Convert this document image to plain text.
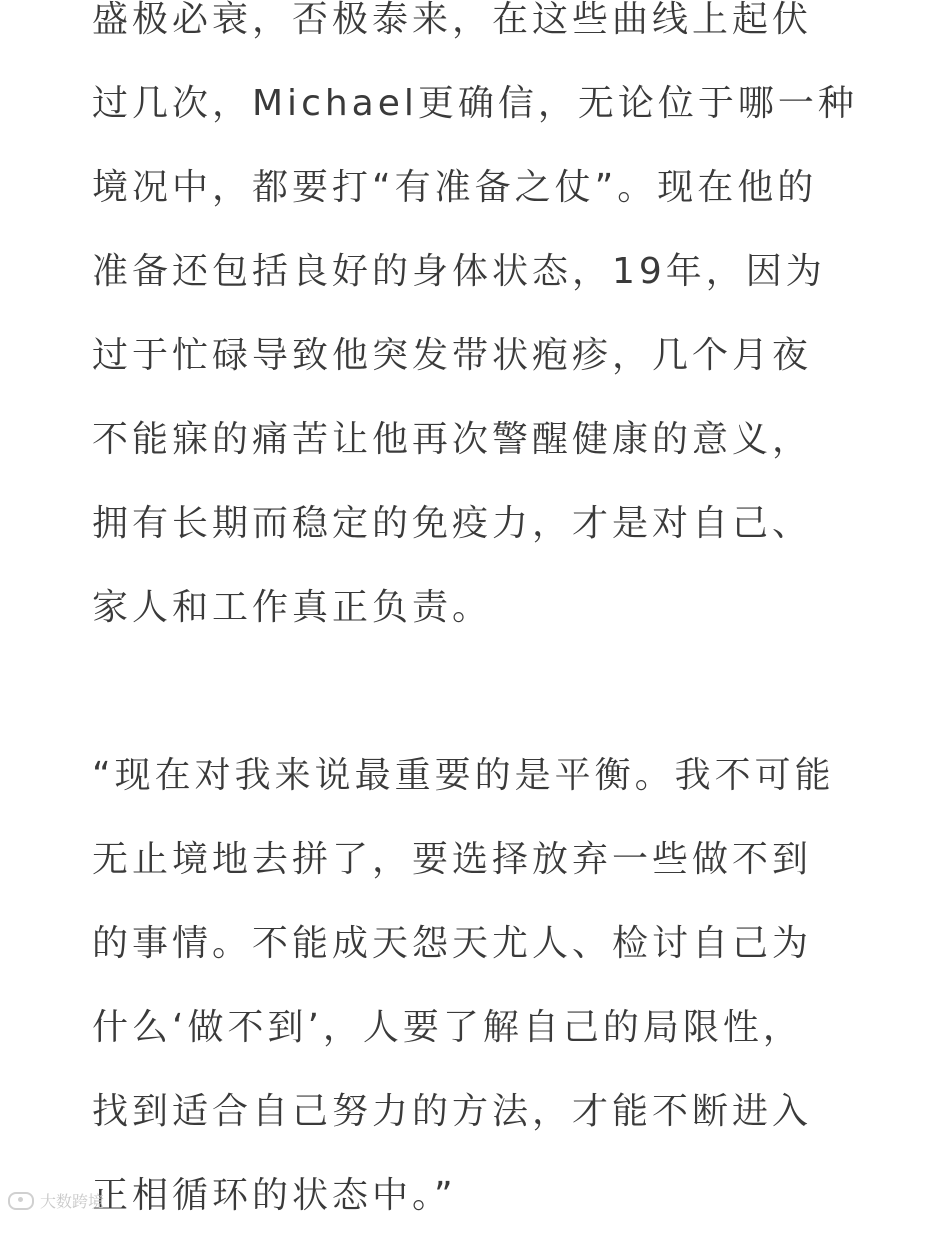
盛极必衰，否极泰来，在这些曲线上起伏
过几次，Michael更确信，无论位于哪一种
境况中，都要打“有准备之仗”。现在他的
准备还包括良好的身体状态，19年，因为
过于忙碌导致他突发带状疱疹，几个月夜
不能寐的痛苦让他再次警醒健康的意义，
拥有长期而稳定的免疫力，才是对自己、
家人和工作真正负责。
“现在对我来说最重要的是平衡。我不可能
无止境地去拼了，要选择放弃一些做不到
的事情。不能成天怨天尤人、检讨自己为
什么‘做不到’，人要了解自己的局限性，
找到适合自己努力的方法，才能不断进入
正相循环的状态中。”
大数跨境
